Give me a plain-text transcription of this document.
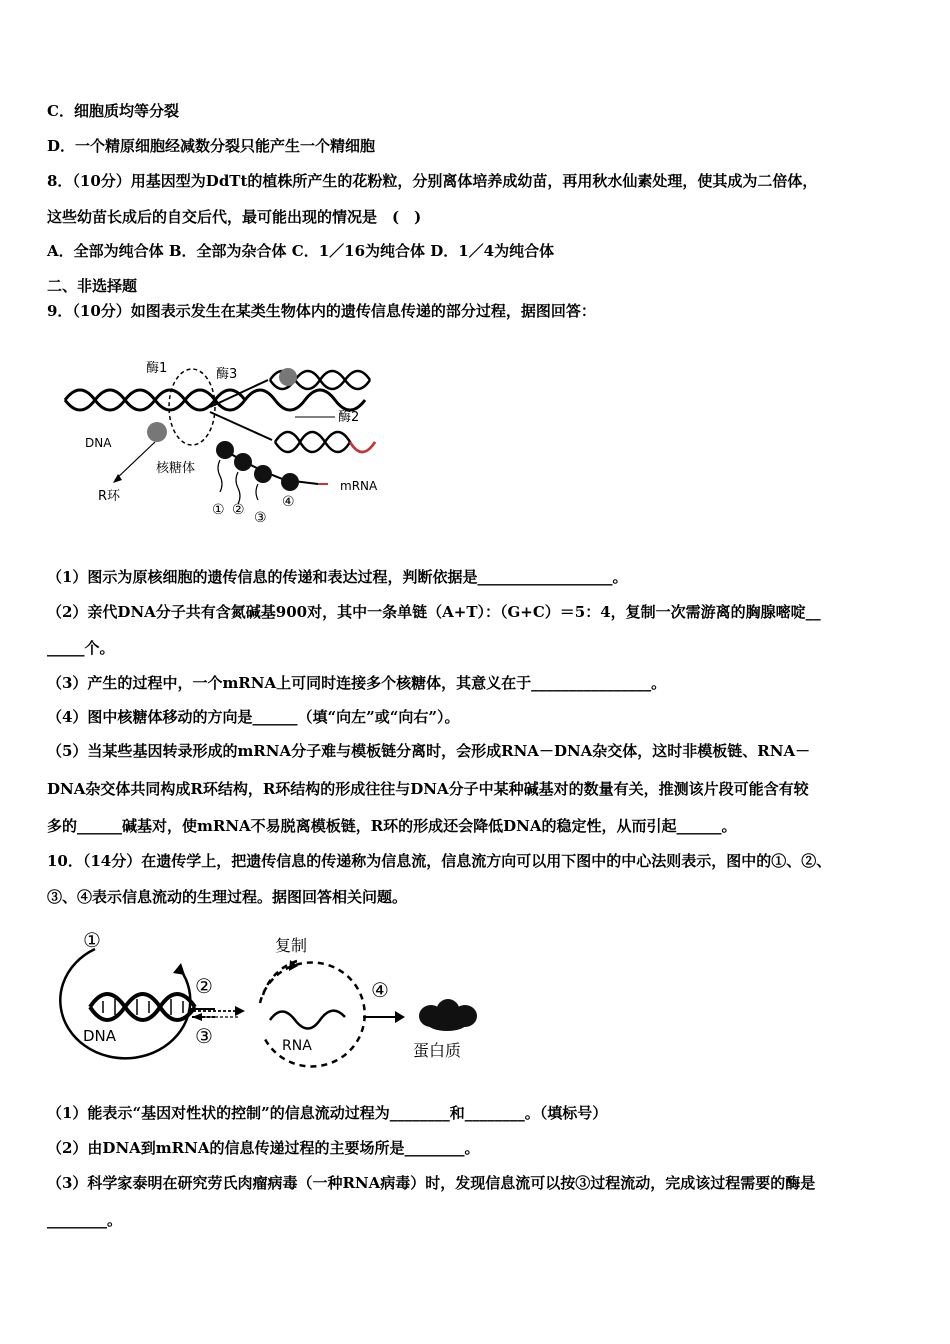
C．细胞质均等分裂
D．一个精原细胞经减数分裂只能产生一个精细胞
8．（10分）用基因型为DdTt的植株所产生的花粉粒，分别离体培养成幼苗，再用秋水仙素处理，使其成为二倍体，
这些幼苗长成后的自交后代，最可能出现的情况是　(　)
A．全部为纯合体 B．全部为杂合体 C．1／16为纯合体 D．1／4为纯合体
二、非选择题
9．（10分）如图表示发生在某类生物体内的遗传信息传递的部分过程，据图回答：
酶1	酶3
酶2
DNA
核糖体
R环
mRNA
① ② ③
④
（1）图示为原核细胞的遗传信息的传递和表达过程，判断依据是__________________。
（2）亲代DNA分子共有含氮碱基900对，其中一条单链（A+T）：（G+C）＝5：4，复制一次需游离的胸腺嘧啶__
_____个。
（3）产生的过程中，一个mRNA上可同时连接多个核糖体，其意义在于________________。
（4）图中核糖体移动的方向是______（填“向左”或“向右”）。
（5）当某些基因转录形成的mRNA分子难与模板链分离时，会形成RNA－DNA杂交体，这时非模板链、RNA－
DNA杂交体共同构成R环结构，R环结构的形成往往与DNA分子中某种碱基对的数量有关，推测该片段可能含有较
多的______碱基对，使mRNA不易脱离模板链，R环的形成还会降低DNA的稳定性，从而引起______。
10．（14分）在遗传学上，把遗传信息的传递称为信息流，信息流方向可以用下图中的中心法则表示，图中的①、②、
③、④表示信息流动的生理过程。据图回答相关问题。
①
②
③
④
复制
DNA
RNA	蛋白质
（1）能表示“基因对性状的控制”的信息流动过程为________和________。（填标号）
（2）由DNA到mRNA的信息传递过程的主要场所是________。
（3）科学家泰明在研究劳氏肉瘤病毒（一种RNA病毒）时，发现信息流可以按③过程流动，完成该过程需要的酶是
________。
